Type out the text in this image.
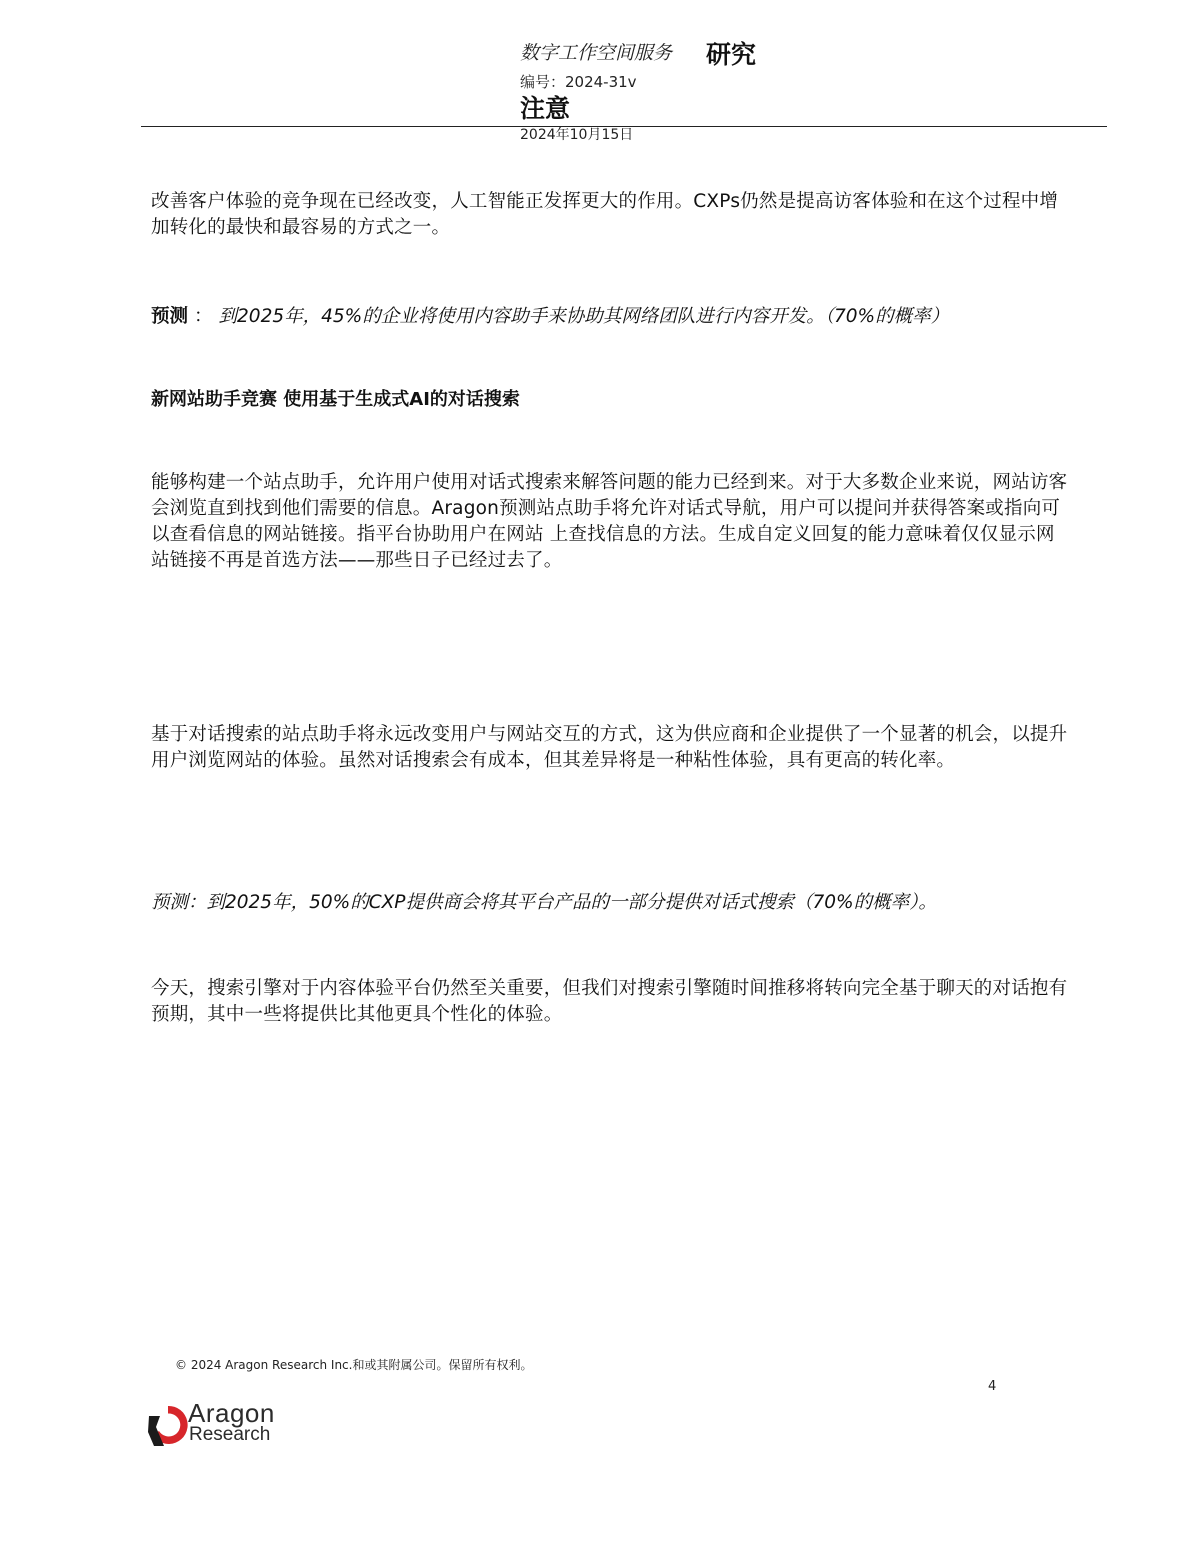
数字工作空间服务 研究
编号：2024-31v
注意
2024年10月15日
改善客户体验的竞争现在已经改变，人工智能正发挥更大的作用。CXPs仍然是提高访客体验和在这个过程中增加转化的最快和最容易的方式之一。
预测 ： 到2025年，45%的企业将使用内容助手来协助其网络团队进行内容开发。（70%的概率）
新网站助手竞赛 使用基于生成式AI的对话搜索
能够构建一个站点助手，允许用户使用对话式搜索来解答问题的能力已经到来。对于大多数企业来说，网站访客会浏览直到找到他们需要的信息。Aragon预测站点助手将允许对话式导航，用户可以提问并获得答案或指向可以查看信息的网站链接。指平台协助用户在网站 上查找信息的方法。生成自定义回复的能力意味着仅仅显示网站链接不再是首选方法——那些日子已经过去了。
基于对话搜索的站点助手将永远改变用户与网站交互的方式，这为供应商和企业提供了一个显著的机会，以提升用户浏览网站的体验。虽然对话搜索会有成本，但其差异将是一种粘性体验，具有更高的转化率。
预测：到2025年，50%的CXP提供商会将其平台产品的一部分提供对话式搜索（70%的概率）。
今天，搜索引擎对于内容体验平台仍然至关重要，但我们对搜索引擎随时间推移将转向完全基于聊天的对话抱有预期，其中一些将提供比其他更具个性化的体验。
© 2024 Aragon Research Inc.和或其附属公司。保留所有权利。
4
Aragon
Research
